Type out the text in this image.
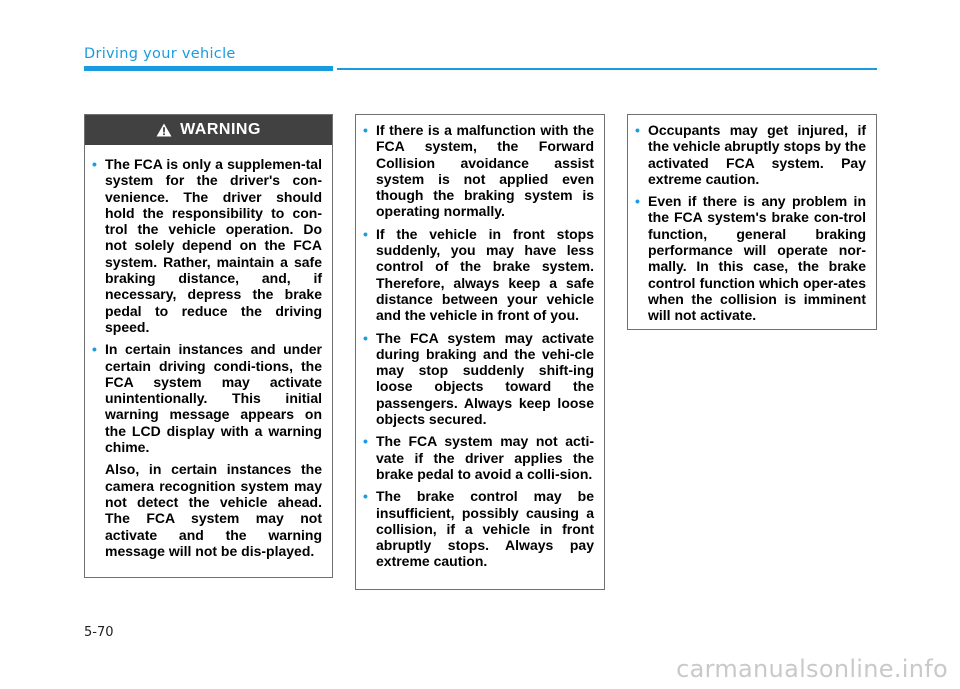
Driving your vehicle
WARNING
• The FCA is only a supplemen-tal system for the driver's con-venience. The driver should hold the responsibility to con-trol the vehicle operation. Do not solely depend on the FCA system. Rather, maintain a safe braking distance, and, if necessary, depress the brake pedal to reduce the driving speed.

• In certain instances and under certain driving condi-tions, the FCA system may activate unintentionally. This initial warning message appears on the LCD display with a warning chime.

Also, in certain instances the camera recognition system may not detect the vehicle ahead. The FCA system may not activate and the warning message will not be dis-played.

• If there is a malfunction with the FCA system, the Forward Collision avoidance assist system is not applied even though the braking system is operating normally.

• If the vehicle in front stops suddenly, you may have less control of the brake system. Therefore, always keep a safe distance between your vehicle and the vehicle in front of you.

• The FCA system may activate during braking and the vehi-cle may stop suddenly shift-ing loose objects toward the passengers. Always keep loose objects secured.

• The FCA system may not acti-vate if the driver applies the brake pedal to avoid a colli-sion.

• The brake control may be insufficient, possibly causing a collision, if a vehicle in front abruptly stops. Always pay extreme caution.

• Occupants may get injured, if the vehicle abruptly stops by the activated FCA system. Pay extreme caution.

• Even if there is any problem in the FCA system's brake con-trol function, general braking performance will operate nor-mally. In this case, the brake control function which oper-ates when the collision is imminent will not activate.

5-70
carmanualsonline.info
